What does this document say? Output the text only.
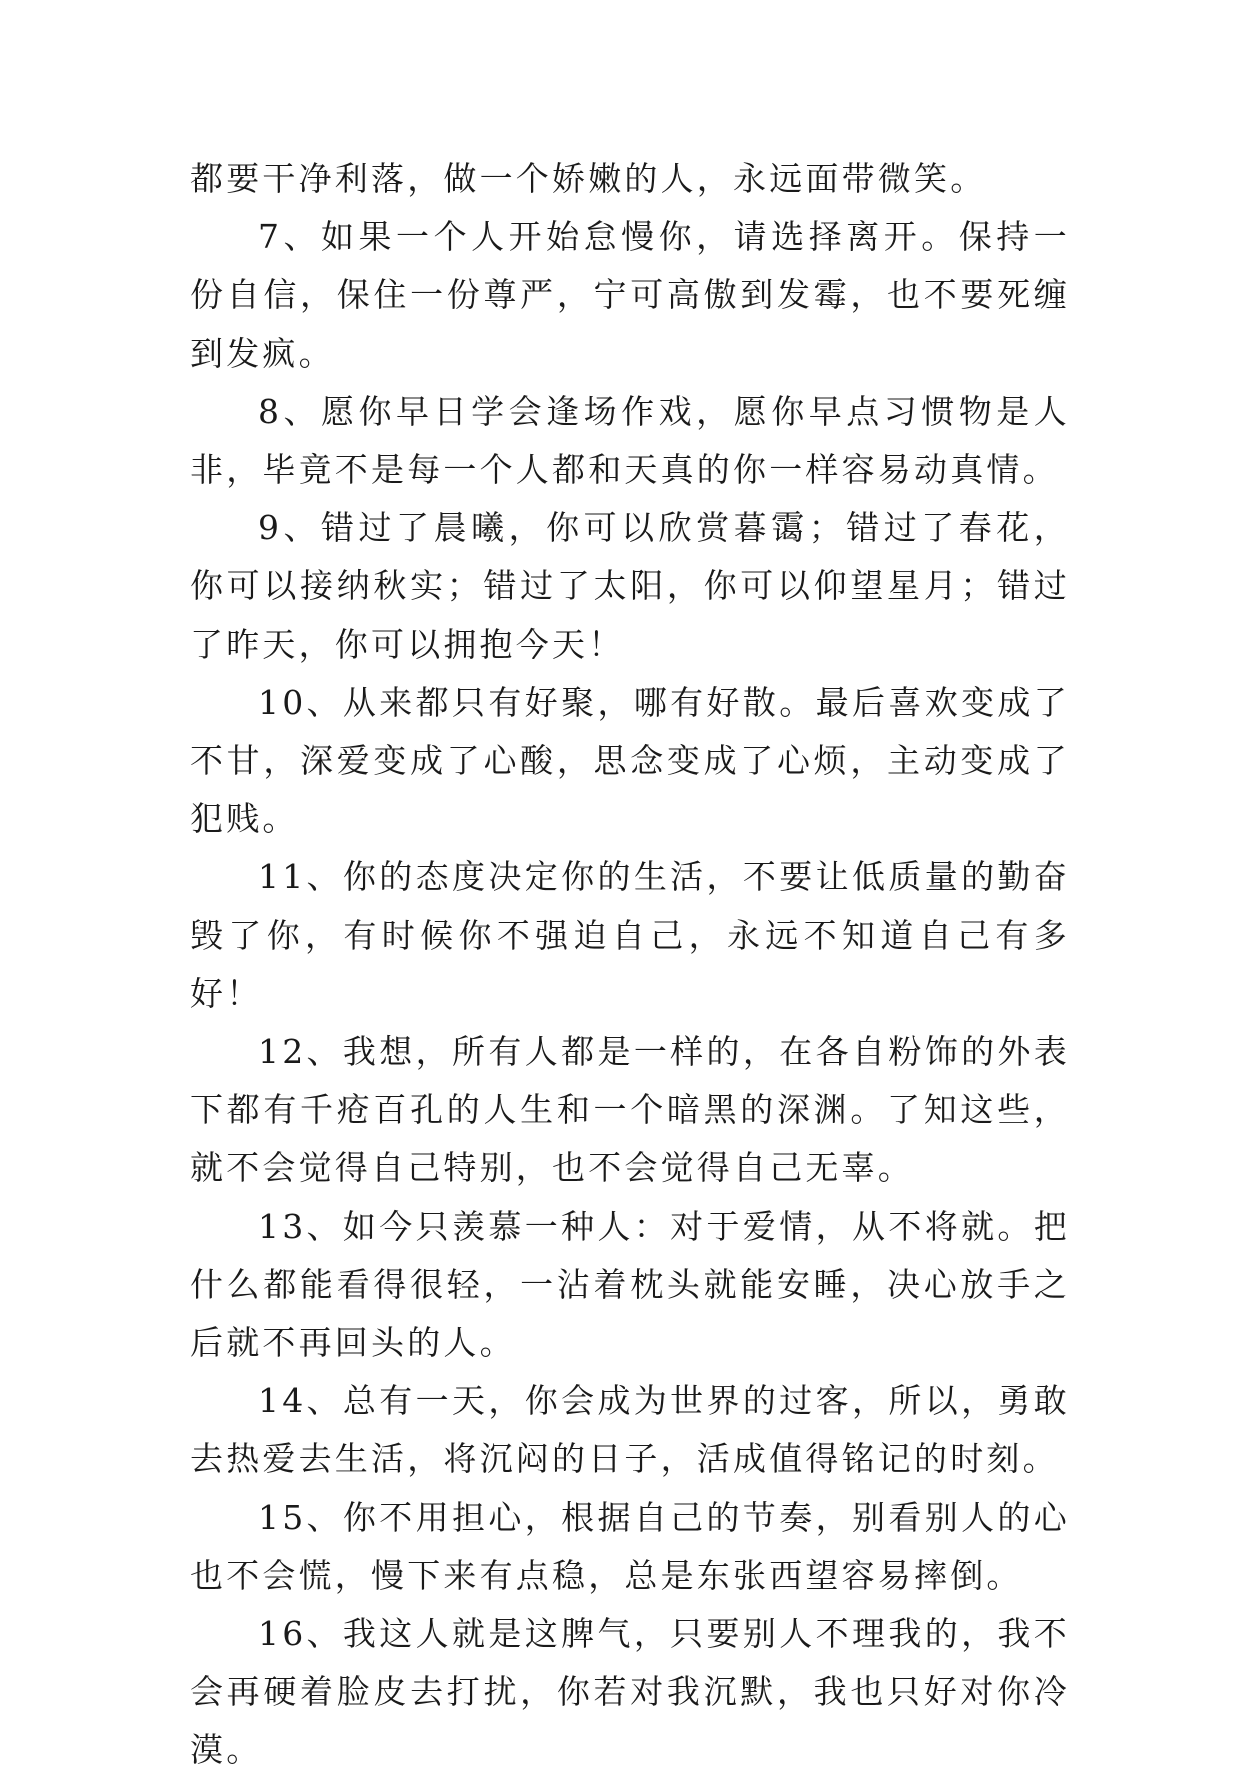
都要干净利落，做一个娇嫩的人，永远面带微笑。

7、如果一个人开始怠慢你，请选择离开。保持一份自信，保住一份尊严，宁可高傲到发霉，也不要死缠到发疯。

8、愿你早日学会逢场作戏，愿你早点习惯物是人非，毕竟不是每一个人都和天真的你一样容易动真情。

9、错过了晨曦，你可以欣赏暮霭；错过了春花，你可以接纳秋实；错过了太阳，你可以仰望星月；错过了昨天，你可以拥抱今天！

10、从来都只有好聚，哪有好散。最后喜欢变成了不甘，深爱变成了心酸，思念变成了心烦，主动变成了犯贱。

11、你的态度决定你的生活，不要让低质量的勤奋毁了你，有时候你不强迫自己，永远不知道自己有多好！

12、我想，所有人都是一样的，在各自粉饰的外表下都有千疮百孔的人生和一个暗黑的深渊。了知这些，就不会觉得自己特别，也不会觉得自己无辜。

13、如今只羡慕一种人：对于爱情，从不将就。把什么都能看得很轻，一沾着枕头就能安睡，决心放手之后就不再回头的人。

14、总有一天，你会成为世界的过客，所以，勇敢去热爱去生活，将沉闷的日子，活成值得铭记的时刻。

15、你不用担心，根据自己的节奏，别看别人的心也不会慌，慢下来有点稳，总是东张西望容易摔倒。

16、我这人就是这脾气，只要别人不理我的，我不会再硬着脸皮去打扰，你若对我沉默，我也只好对你冷漠。
